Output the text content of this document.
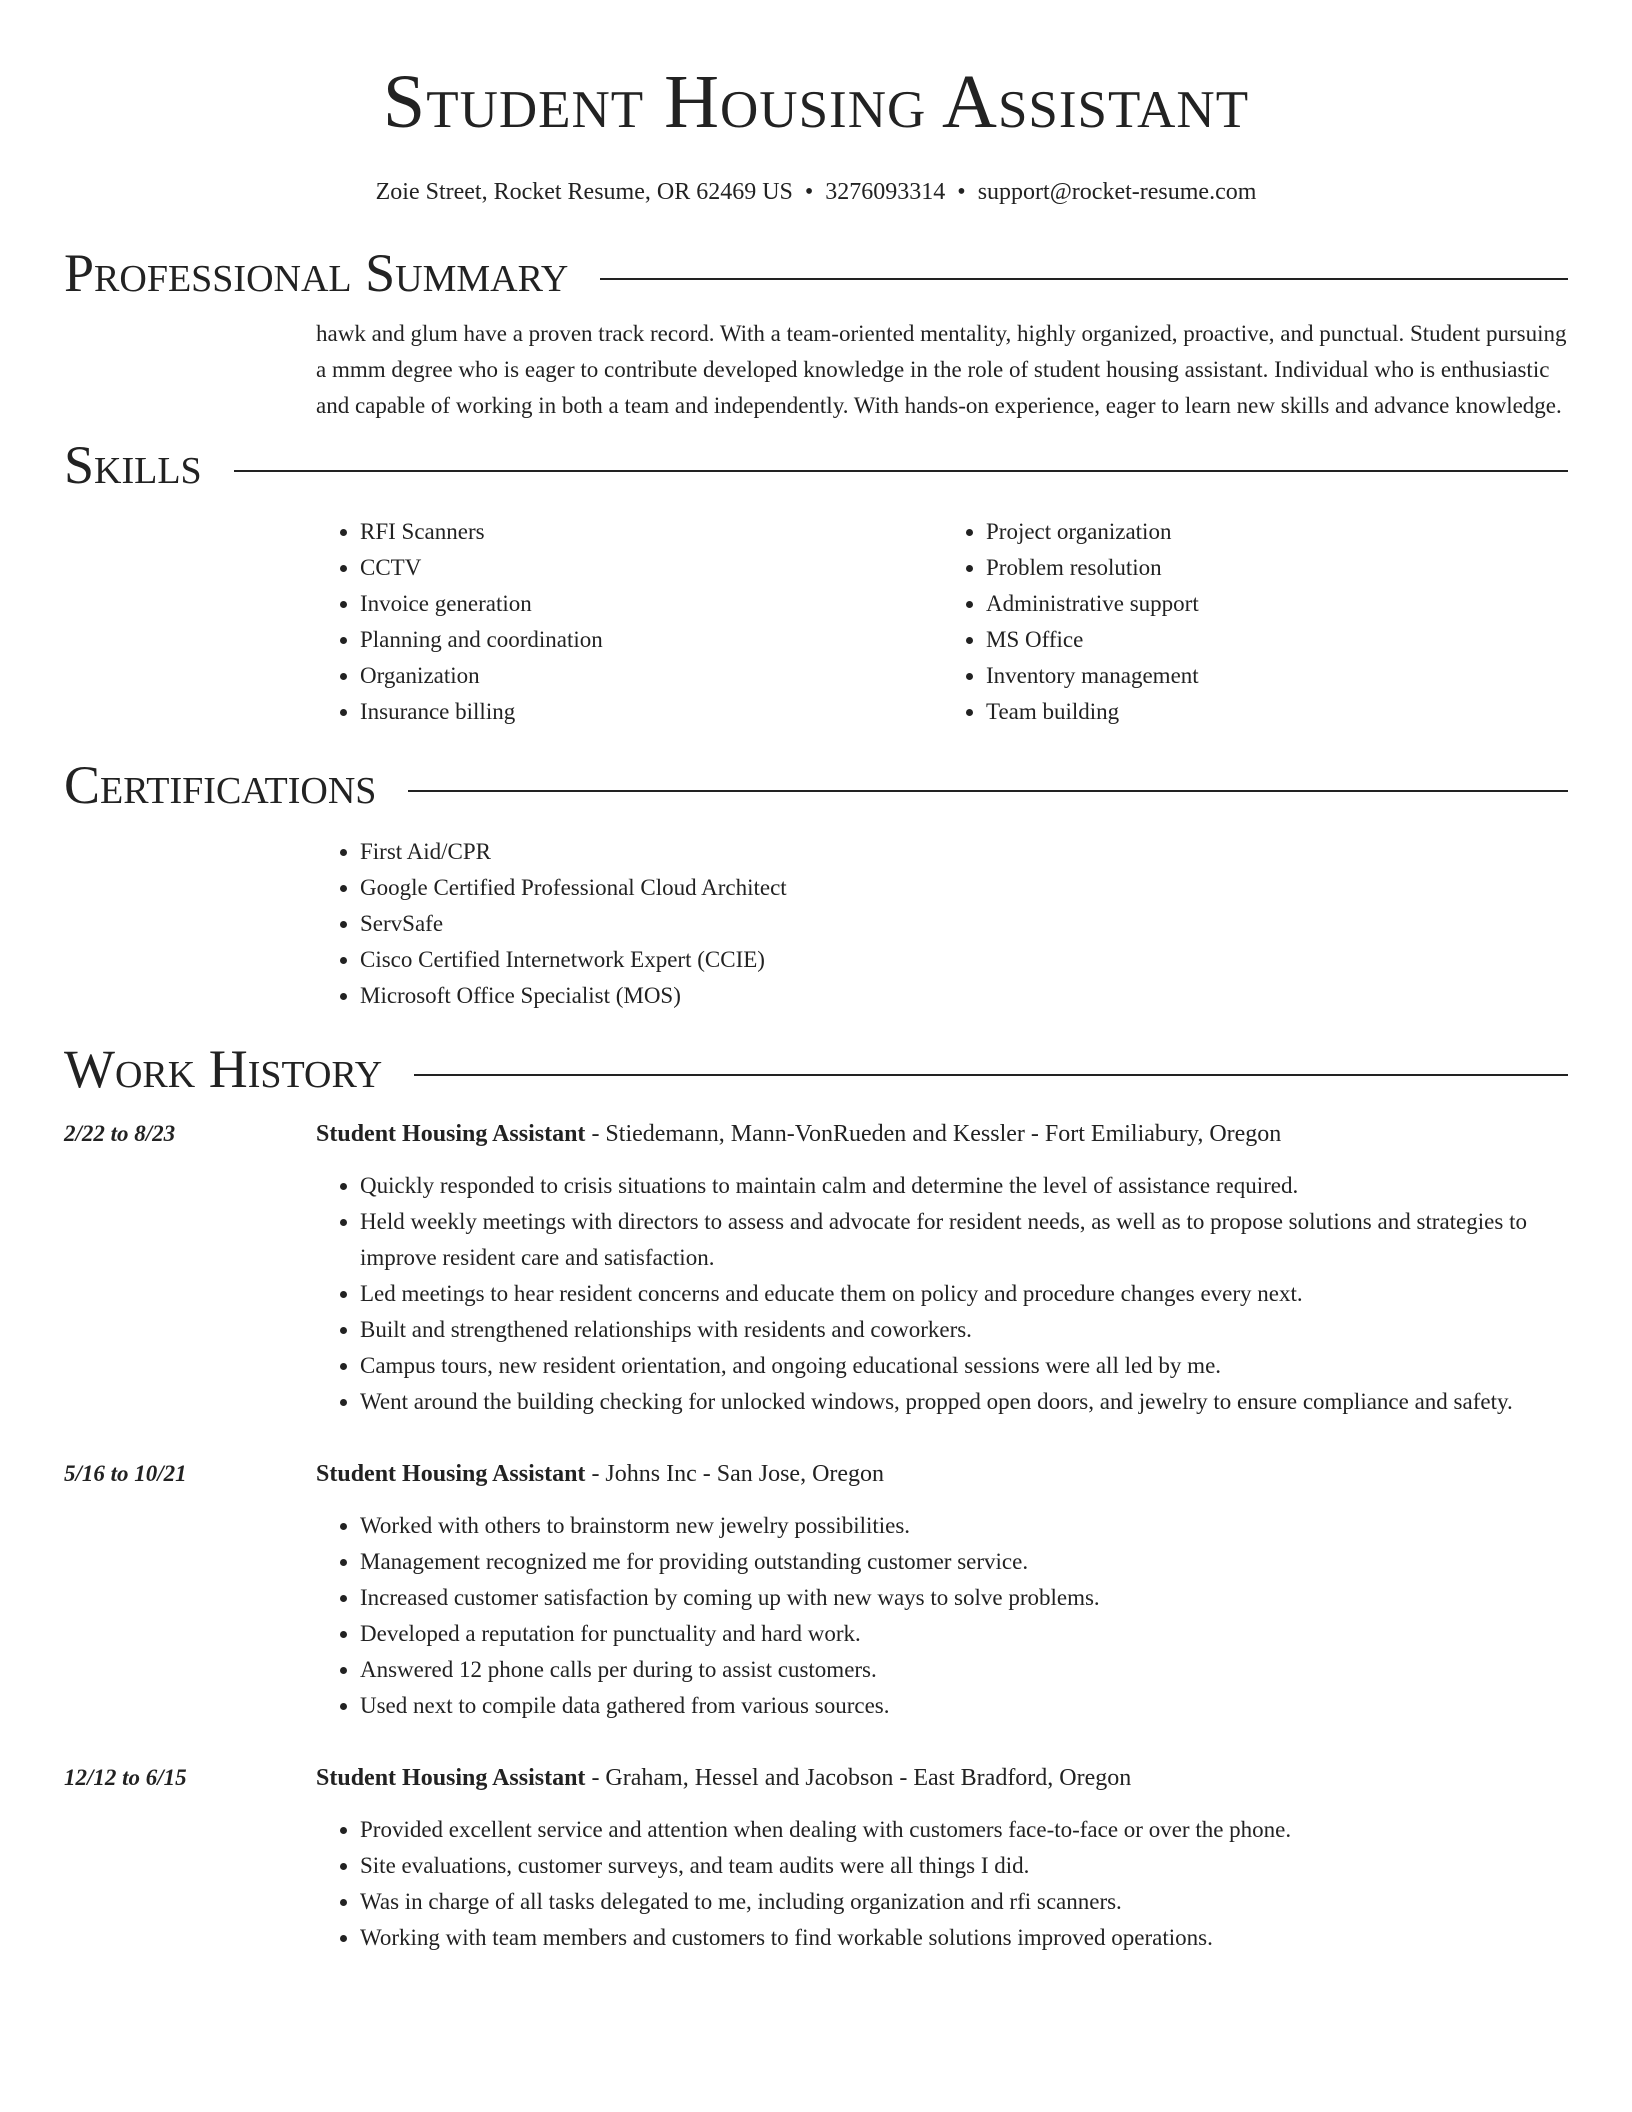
Student Housing Assistant
Zoie Street, Rocket Resume, OR 62469 US • 3276093314 • support@rocket-resume.com
Professional Summary
hawk and glum have a proven track record. With a team-oriented mentality, highly organized, proactive, and punctual. Student pursuing a mmm degree who is eager to contribute developed knowledge in the role of student housing assistant. Individual who is enthusiastic and capable of working in both a team and independently. With hands-on experience, eager to learn new skills and advance knowledge.
Skills
• RFI Scanners
• CCTV
• Invoice generation
• Planning and coordination
• Organization
• Insurance billing
• Project organization
• Problem resolution
• Administrative support
• MS Office
• Inventory management
• Team building
Certifications
• First Aid/CPR
• Google Certified Professional Cloud Architect
• ServSafe
• Cisco Certified Internetwork Expert (CCIE)
• Microsoft Office Specialist (MOS)
Work History
2/22 to 8/23	Student Housing Assistant - Stiedemann, Mann-VonRueden and Kessler - Fort Emiliabury, Oregon
• Quickly responded to crisis situations to maintain calm and determine the level of assistance required.
• Held weekly meetings with directors to assess and advocate for resident needs, as well as to propose solutions and strategies to improve resident care and satisfaction.
• Led meetings to hear resident concerns and educate them on policy and procedure changes every next.
• Built and strengthened relationships with residents and coworkers.
• Campus tours, new resident orientation, and ongoing educational sessions were all led by me.
• Went around the building checking for unlocked windows, propped open doors, and jewelry to ensure compliance and safety.
5/16 to 10/21	Student Housing Assistant - Johns Inc - San Jose, Oregon
• Worked with others to brainstorm new jewelry possibilities.
• Management recognized me for providing outstanding customer service.
• Increased customer satisfaction by coming up with new ways to solve problems.
• Developed a reputation for punctuality and hard work.
• Answered 12 phone calls per during to assist customers.
• Used next to compile data gathered from various sources.
12/12 to 6/15	Student Housing Assistant - Graham, Hessel and Jacobson - East Bradford, Oregon
• Provided excellent service and attention when dealing with customers face-to-face or over the phone.
• Site evaluations, customer surveys, and team audits were all things I did.
• Was in charge of all tasks delegated to me, including organization and rfi scanners.
• Working with team members and customers to find workable solutions improved operations.
